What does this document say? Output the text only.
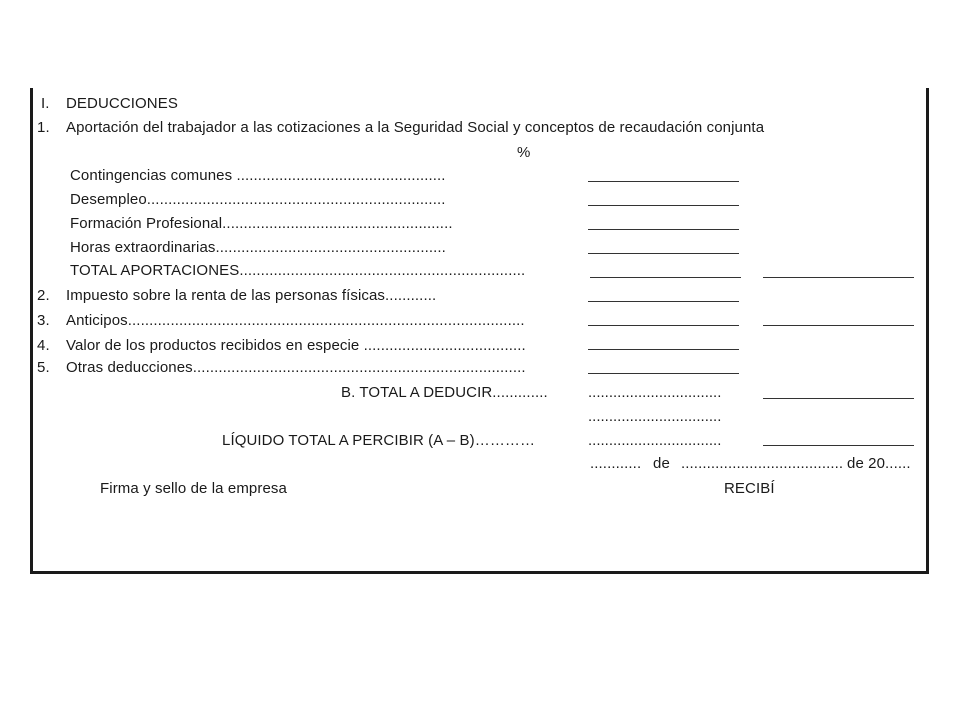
I. DEDUCCIONES
1. Aportación del trabajador a las cotizaciones a la Seguridad Social y conceptos de recaudación conjunta
%
Contingencias comunes .................................................
Desempleo......................................................................
Formación Profesional......................................................
Horas extraordinarias......................................................
TOTAL APORTACIONES...................................................................
2. Impuesto sobre la renta de las personas físicas............
3. Anticipos.............................................................................................
4. Valor de los productos recibidos en especie ......................................
5. Otras deducciones..............................................................................
B. TOTAL A DEDUCIR.............
LÍQUIDO TOTAL A PERCIBIR (A – B)…………
................................
................................
................................
............ de ...................................... de 20......
Firma y sello de la empresa	RECIBÍ
